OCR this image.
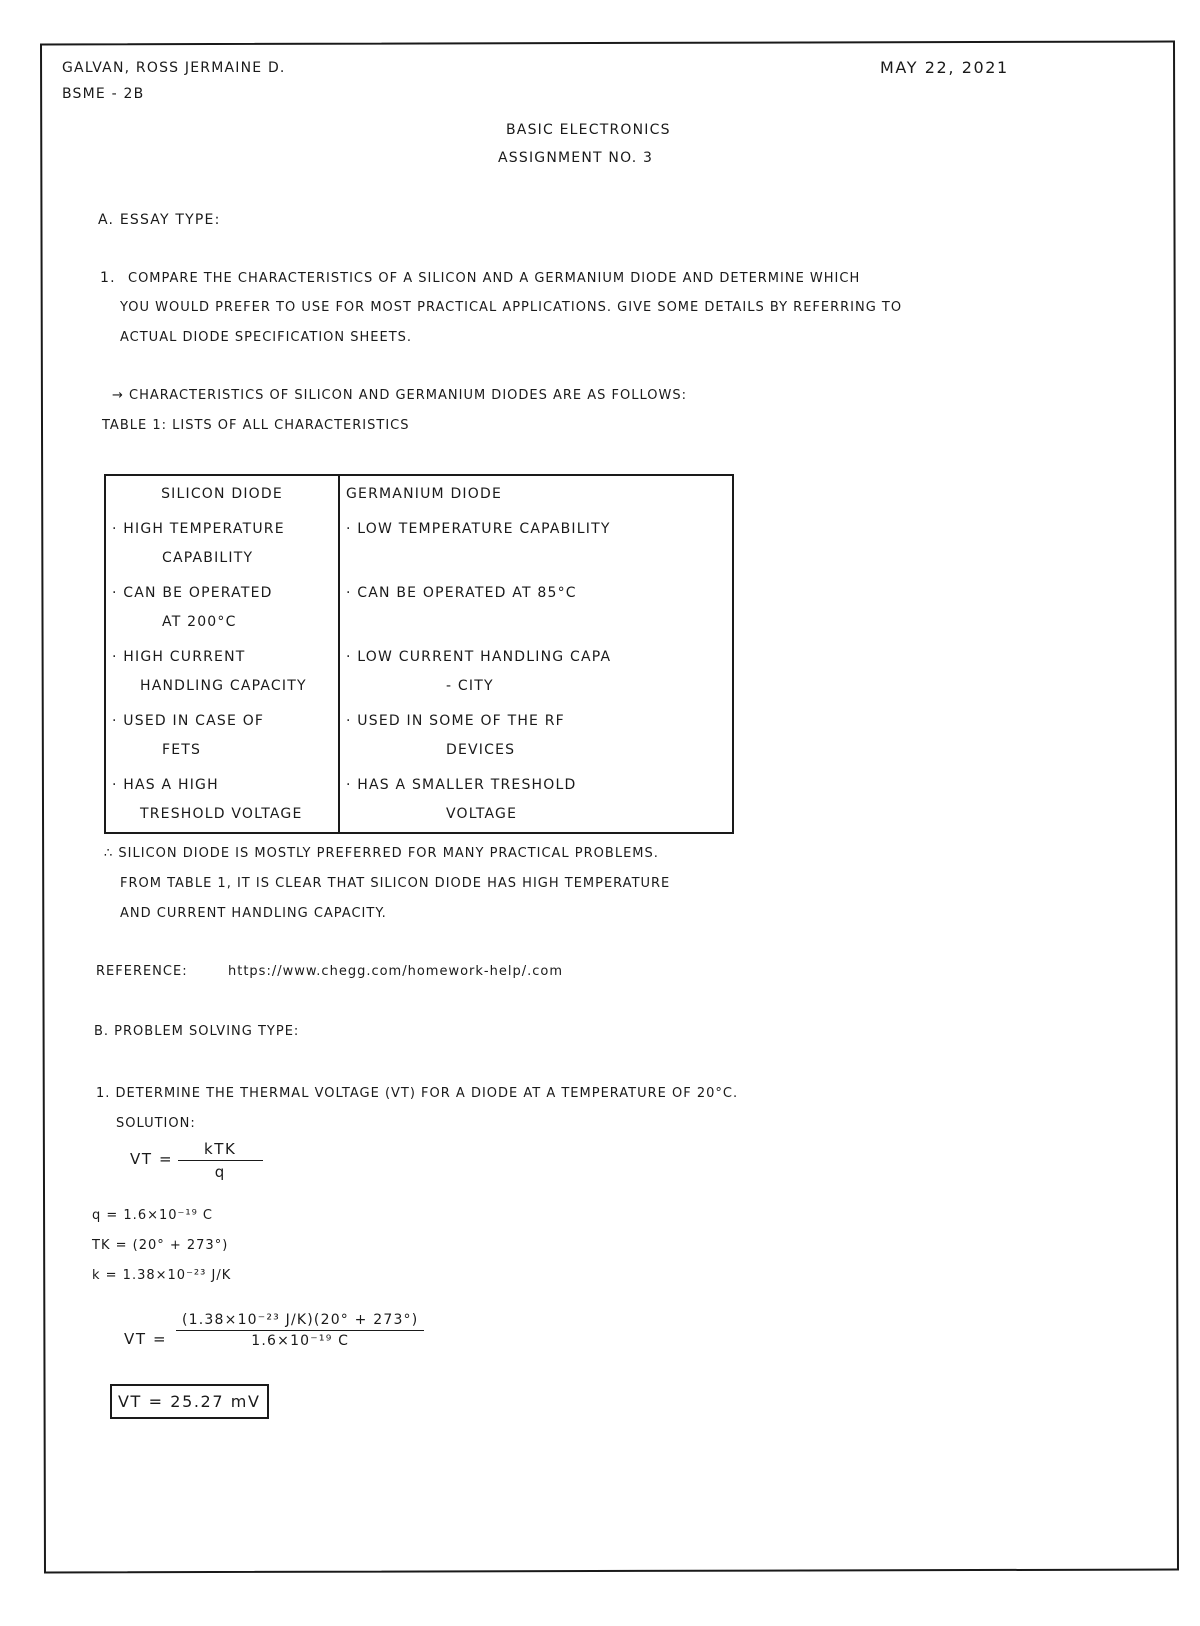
GALVAN, ROSS JERMAINE D.
BSME - 2B
MAY 22, 2021
BASIC ELECTRONICS
ASSIGNMENT NO. 3
A. ESSAY TYPE:
1. COMPARE THE CHARACTERISTICS OF A SILICON AND A GERMANIUM DIODE AND DETERMINE WHICH
YOU WOULD PREFER TO USE FOR MOST PRACTICAL APPLICATIONS. GIVE SOME DETAILS BY REFERRING TO
ACTUAL DIODE SPECIFICATION SHEETS.
→ CHARACTERISTICS OF SILICON AND GERMANIUM DIODES ARE AS FOLLOWS:
TABLE 1: LISTS OF ALL CHARACTERISTICS
SILICON DIODE	GERMANIUM DIODE
· HIGH TEMPERATURE
CAPABILITY	· LOW TEMPERATURE CAPABILITY

· CAN BE OPERATED
AT 200°C	· CAN BE OPERATED AT 85°C

· HIGH CURRENT
HANDLING CAPACITY	· LOW CURRENT HANDLING CAPA
- CITY

· USED IN CASE OF
FETS	· USED IN SOME OF THE RF
DEVICES

· HAS A HIGH
TRESHOLD VOLTAGE	· HAS A SMALLER TRESHOLD
VOLTAGE
∴ SILICON DIODE IS MOSTLY PREFERRED FOR MANY PRACTICAL PROBLEMS.
FROM TABLE 1, IT IS CLEAR THAT SILICON DIODE HAS HIGH TEMPERATURE
AND CURRENT HANDLING CAPACITY.
REFERENCE:	https://www.chegg.com/homework-help/.com
B. PROBLEM SOLVING TYPE:
1. DETERMINE THE THERMAL VOLTAGE (VT) FOR A DIODE AT A TEMPERATURE OF 20°C.
SOLUTION:
VT =
kTK
q
q = 1.6×10⁻¹⁹ C
TK = (20° + 273°)
k = 1.38×10⁻²³ J/K
VT = $\frac{\text{(1.38×10⁻²³ J/K)(20° + 273°)}}{\text{1.6×10⁻¹⁹ C}}$
VT = 25.27 mV
